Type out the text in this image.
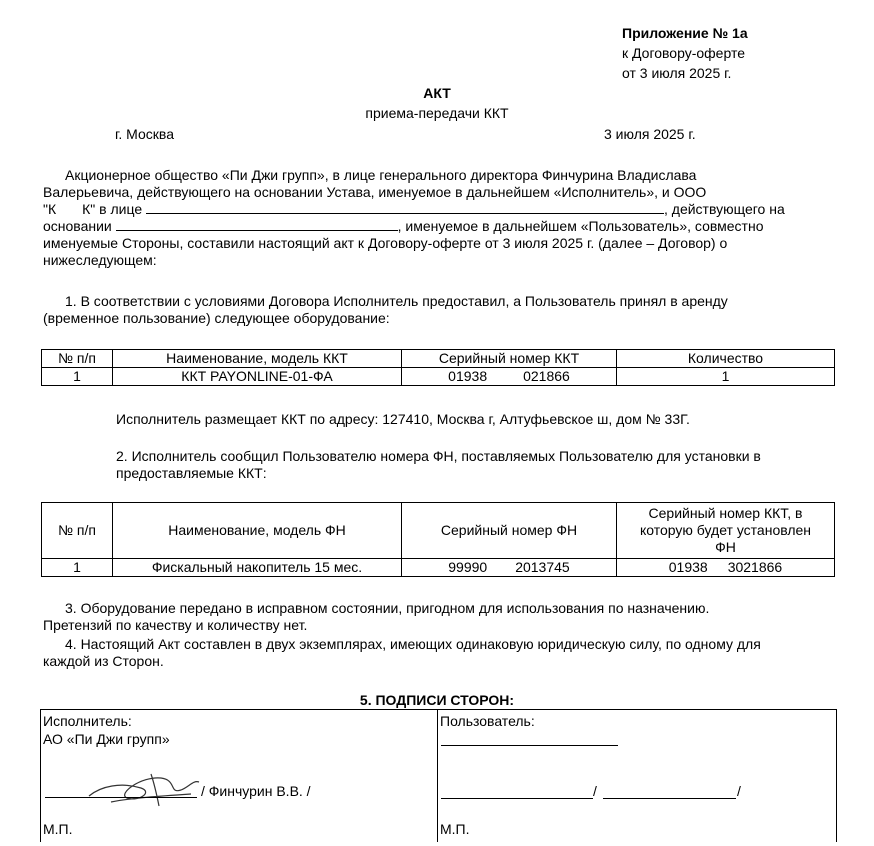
Приложение № 1а
к Договору-оферте
от 3 июля 2025 г.
АКТ
приема-передачи ККТ
г. Москва	3 июля 2025 г.
Акционерное общество «Пи Джи групп», в лице генерального директора Финчурина Владислава
Валерьевича, действующего на основании Устава, именуемое в дальнейшем «Исполнитель», и ООО
"К К" в лице	, действующего на
основании	, именуемое в дальнейшем «Пользователь», совместно
именуемые Стороны, составили настоящий акт к Договору-оферте от 3 июля 2025 г. (далее – Договор) о
нижеследующем:
1. В соответствии с условиями Договора Исполнитель предоставил, а Пользователь принял в аренду
(временное пользование) следующее оборудование:
№ п/п	Наименование, модель ККТ	Серийный номер ККТ	Количество
1	ККТ PAYONLINE-01-ФА	01938 021866	1
Исполнитель размещает ККТ по адресу: 127410, Москва г, Алтуфьевское ш, дом № 33Г.
2. Исполнитель сообщил Пользователю номера ФН, поставляемых Пользователю для установки в
предоставляемые ККТ:
№ п/п	Наименование, модель ФН	Серийный номер ФН	Серийный номер ККТ, в
которую будет установлен
ФН

1	Фискальный накопитель 15 мес.	99990 2013745	01938 3021866
3. Оборудование передано в исправном состоянии, пригодном для использования по назначению.
Претензий по качеству и количеству нет.
4. Настоящий Акт составлен в двух экземплярах, имеющих одинаковую юридическую силу, по одному для
каждой из Сторон.
5. ПОДПИСИ СТОРОН:
Исполнитель:
АО «Пи Джи групп»
/ Финчурин В.В. /
М.П.
Пользователь:
/	/
М.П.
